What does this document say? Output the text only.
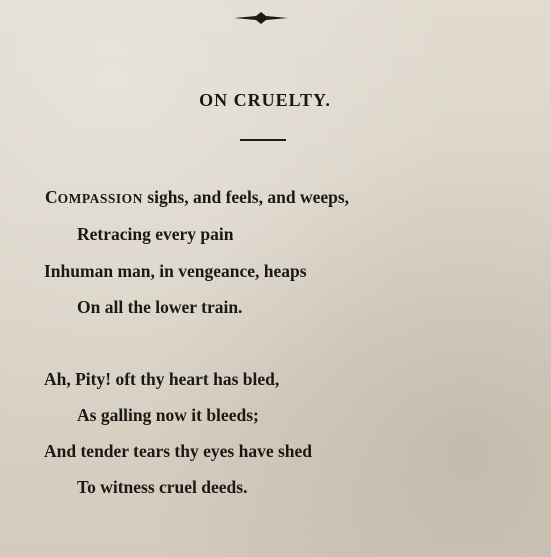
ON CRUELTY.
COMPASSION sighs, and feels, and weeps,
Retracing every pain
Inhuman man, in vengeance, heaps
On all the lower train.
Ah, Pity! oft thy heart has bled,
As galling now it bleeds;
And tender tears thy eyes have shed
To witness cruel deeds.
